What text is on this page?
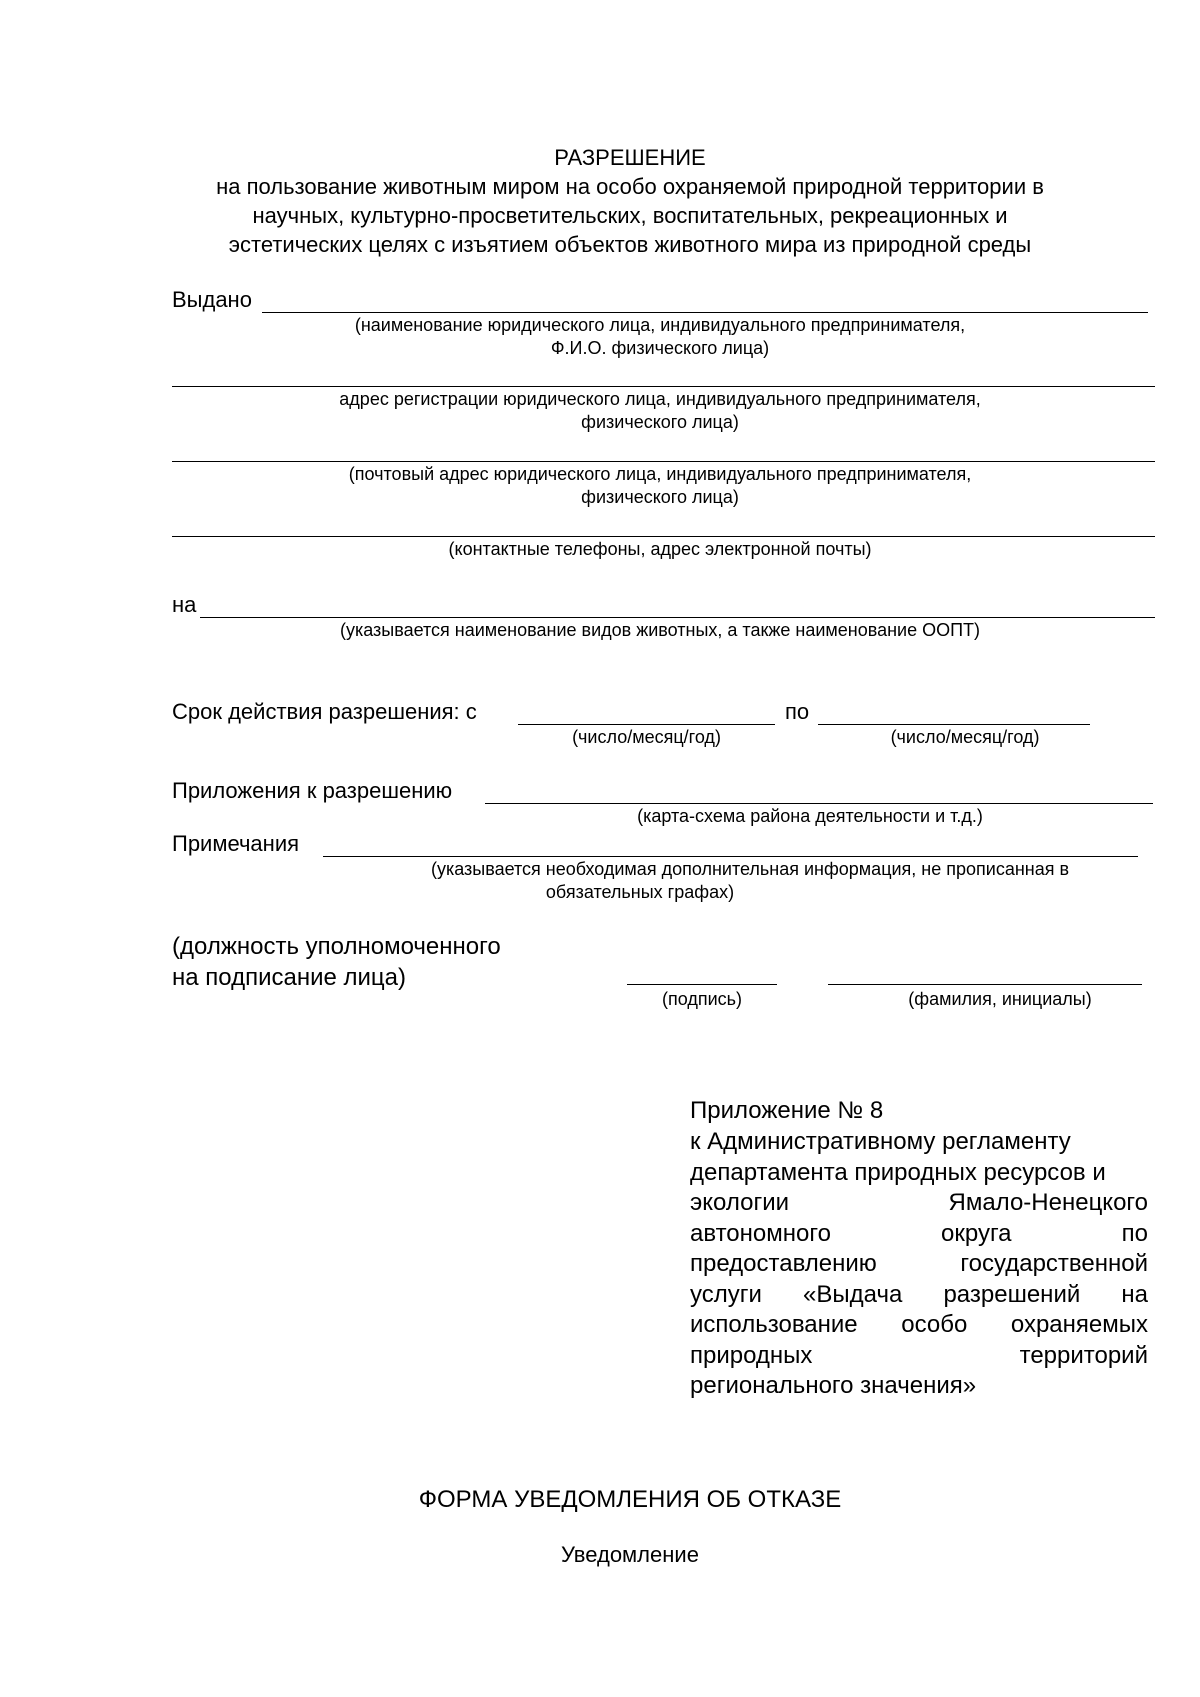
РАЗРЕШЕНИЕ
на пользование животным миром на особо охраняемой природной территории в
научных, культурно-просветительских, воспитательных, рекреационных и
эстетических целях с изъятием объектов животного мира из природной среды
Выдано
(наименование юридического лица, индивидуального предпринимателя,
Ф.И.О. физического лица)
адрес регистрации юридического лица, индивидуального предпринимателя,
физического лица)
(почтовый адрес юридического лица, индивидуального предпринимателя,
физического лица)
(контактные телефоны, адрес электронной почты)
на
(указывается наименование видов животных, а также наименование ООПТ)
Срок действия разрешения: с	по
(число/месяц/год)	(число/месяц/год)
Приложения к разрешению
(карта-схема района деятельности и т.д.)
Примечания
(указывается необходимая дополнительная информация, не прописанная в
обязательных графах)
(должность уполномоченного
на подписание лица)
(подпись)	(фамилия, инициалы)
Приложение № 8
к Административному регламенту
департамента природных ресурсов и
экологии Ямало-Ненецкого
автономного округа по
предоставлению государственной
услуги «Выдача разрешений на
использование особо охраняемых
природных территорий
регионального значения»
ФОРМА УВЕДОМЛЕНИЯ ОБ ОТКАЗЕ
Уведомление
